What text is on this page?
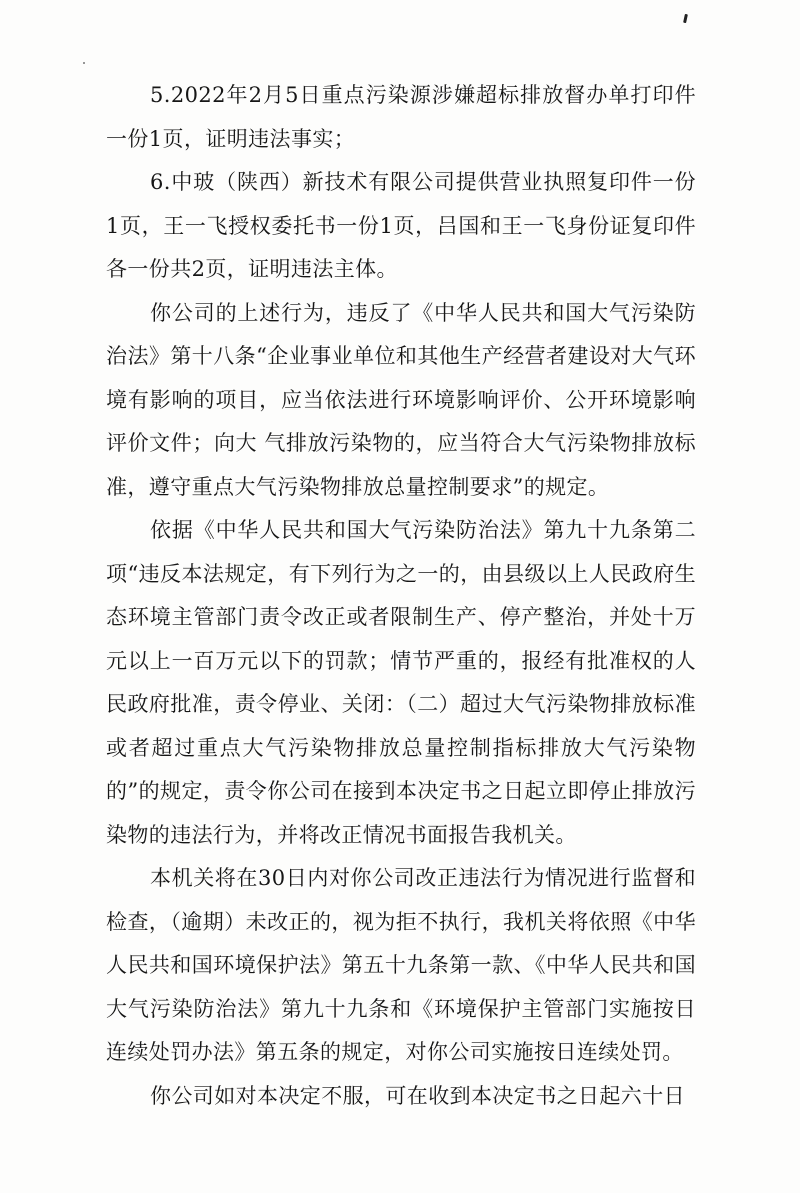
5.2022年2月5日重点污染源涉嫌超标排放督办单打印件一份1页，证明违法事实；

6.中玻（陕西）新技术有限公司提供营业执照复印件一份1页，王一飞授权委托书一份1页，吕国和王一飞身份证复印件各一份共2页，证明违法主体。

你公司的上述行为，违反了《中华人民共和国大气污染防治法》第十八条“企业事业单位和其他生产经营者建设对大气环境有影响的项目，应当依法进行环境影响评价、公开环境影响评价文件；向大 气排放污染物的，应当符合大气污染物排放标准，遵守重点大气污染物排放总量控制要求”的规定。

依据《中华人民共和国大气污染防治法》第九十九条第二项“违反本法规定，有下列行为之一的，由县级以上人民政府生态环境主管部门责令改正或者限制生产、停产整治，并处十万元以上一百万元以下的罚款；情节严重的，报经有批准权的人民政府批准，责令停业、关闭：（二）超过大气污染物排放标准或者超过重点大气污染物排放总量控制指标排放大气污染物的”的规定，责令你公司在接到本决定书之日起立即停止排放污染物的违法行为，并将改正情况书面报告我机关。

本机关将在30日内对你公司改正违法行为情况进行监督和检查，（逾期）未改正的，视为拒不执行，我机关将依照《中华人民共和国环境保护法》第五十九条第一款、《中华人民共和国大气污染防治法》第九十九条和《环境保护主管部门实施按日连续处罚办法》第五条的规定，对你公司实施按日连续处罚。

你公司如对本决定不服，可在收到本决定书之日起六十日
